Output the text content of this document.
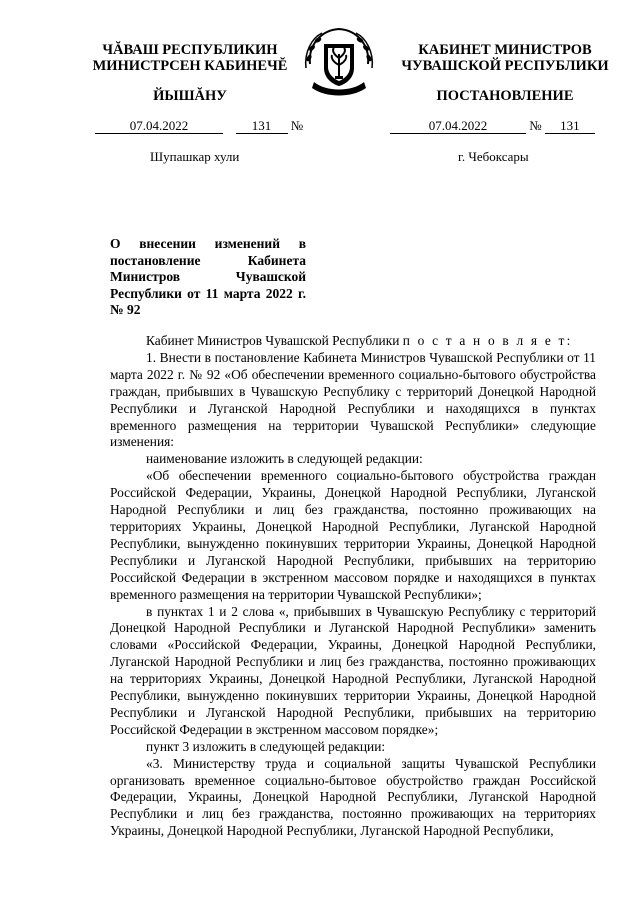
ЧĂВАШ РЕСПУБЛИКИН
МИНИСТРСЕН КАБИНЕЧĔ
КАБИНЕТ МИНИСТРОВ
ЧУВАШСКОЙ РЕСПУБЛИКИ
ЙЫШĂНУ	ПОСТАНОВЛЕНИЕ
07.04.2022	131 №	07.04.2022	№ 131
Шупашкар хули	г. Чебоксары
О внесении изменений в постановление Кабинета Министров Чувашской Республики от 11 марта 2022 г. № 92

Кабинет Министров Чувашской Республики п о с т а н о в л я е т:

1. Внести в постановление Кабинета Министров Чувашской Республики от 11 марта 2022 г. № 92 «Об обеспечении временного социально-бытового обустройства граждан, прибывших в Чувашскую Республику с территорий Донецкой Народной Республики и Луганской Народной Республики и находящихся в пунктах временного размещения на территории Чувашской Республики» следующие изменения:

наименование изложить в следующей редакции:

«Об обеспечении временного социально-бытового обустройства граждан Российской Федерации, Украины, Донецкой Народной Республики, Луганской Народной Республики и лиц без гражданства, постоянно проживающих на территориях Украины, Донецкой Народной Республики, Луганской Народной Республики, вынужденно покинувших территории Украины, Донецкой Народной Республики и Луганской Народной Республики, прибывших на территорию Российской Федерации в экстренном массовом порядке и находящихся в пунктах временного размещения на территории Чувашской Республики»;

в пунктах 1 и 2 слова «, прибывших в Чувашскую Республику с территорий Донецкой Народной Республики и Луганской Народной Республики» заменить словами «Российской Федерации, Украины, Донецкой Народной Республики, Луганской Народной Республики и лиц без гражданства, постоянно проживающих на территориях Украины, Донецкой Народной Республики, Луганской Народной Республики, вынужденно покинувших территории Украины, Донецкой Народной Республики и Луганской Народной Республики, прибывших на территорию Российской Федерации в экстренном массовом порядке»;

пункт 3 изложить в следующей редакции:

«3. Министерству труда и социальной защиты Чувашской Республики организовать временное социально-бытовое обустройство граждан Российской Федерации, Украины, Донецкой Народной Республики, Луганской Народной Республики и лиц без гражданства, постоянно проживающих на территориях Украины, Донецкой Народной Республики, Луганской Народной Республики,
